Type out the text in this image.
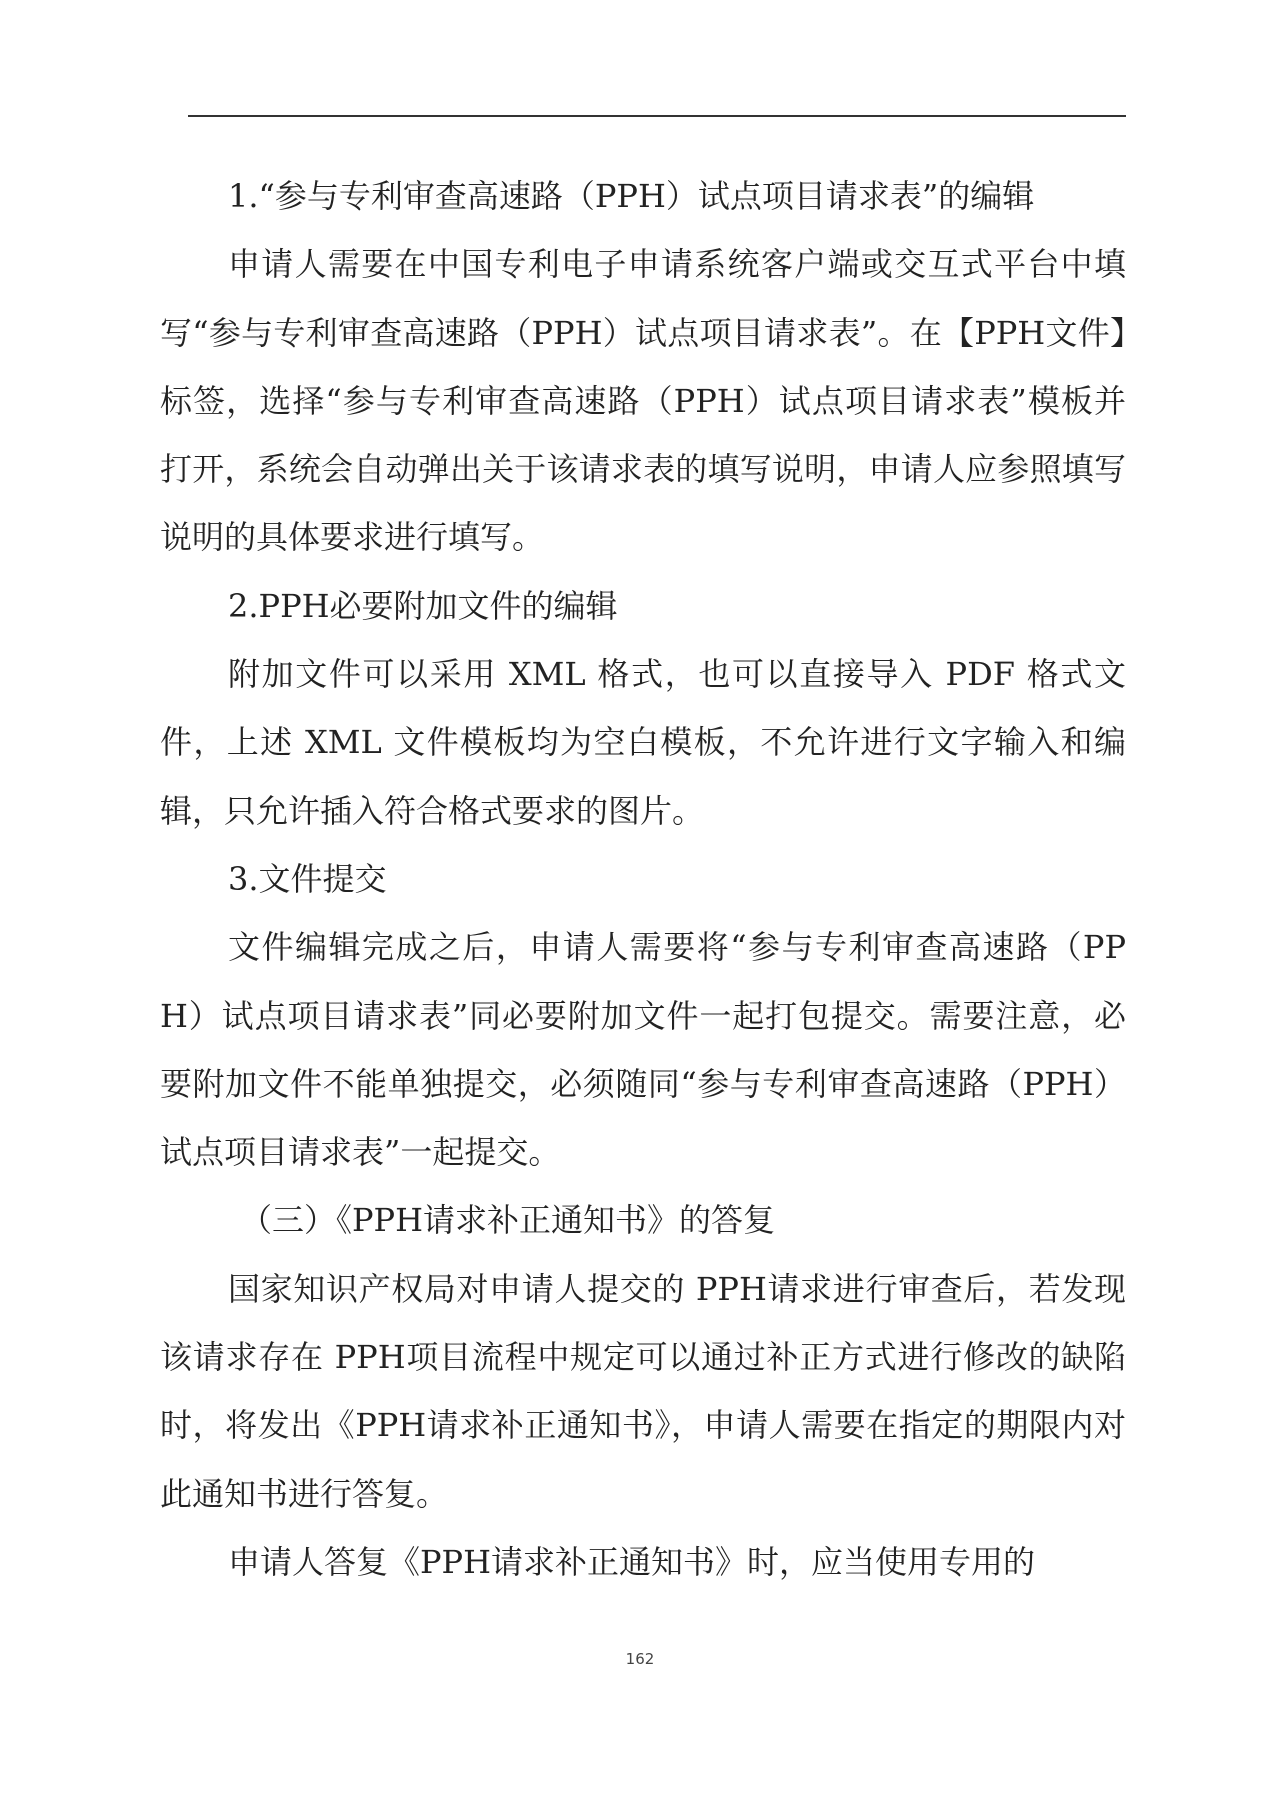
1.“参与专利审查高速路（PPH）试点项目请求表”的编辑

申请人需要在中国专利电子申请系统客户端或交互式平台中填写“参与专利审查高速路（PPH）试点项目请求表”。在【PPH文件】标签，选择“参与专利审查高速路（PPH）试点项目请求表”模板并打开，系统会自动弹出关于该请求表的填写说明，申请人应参照填写说明的具体要求进行填写。

2.PPH必要附加文件的编辑

附加文件可以采用 XML 格式，也可以直接导入 PDF 格式文件，上述 XML 文件模板均为空白模板，不允许进行文字输入和编辑，只允许插入符合格式要求的图片。

3.文件提交

文件编辑完成之后，申请人需要将“参与专利审查高速路（PPH）试点项目请求表”同必要附加文件一起打包提交。需要注意，必要附加文件不能单独提交，必须随同“参与专利审查高速路（PPH）试点项目请求表”一起提交。

（三）《PPH请求补正通知书》的答复

国家知识产权局对申请人提交的 PPH请求进行审查后，若发现该请求存在 PPH项目流程中规定可以通过补正方式进行修改的缺陷时，将发出《PPH请求补正通知书》，申请人需要在指定的期限内对此通知书进行答复。

申请人答复《PPH请求补正通知书》时，应当使用专用的

162
